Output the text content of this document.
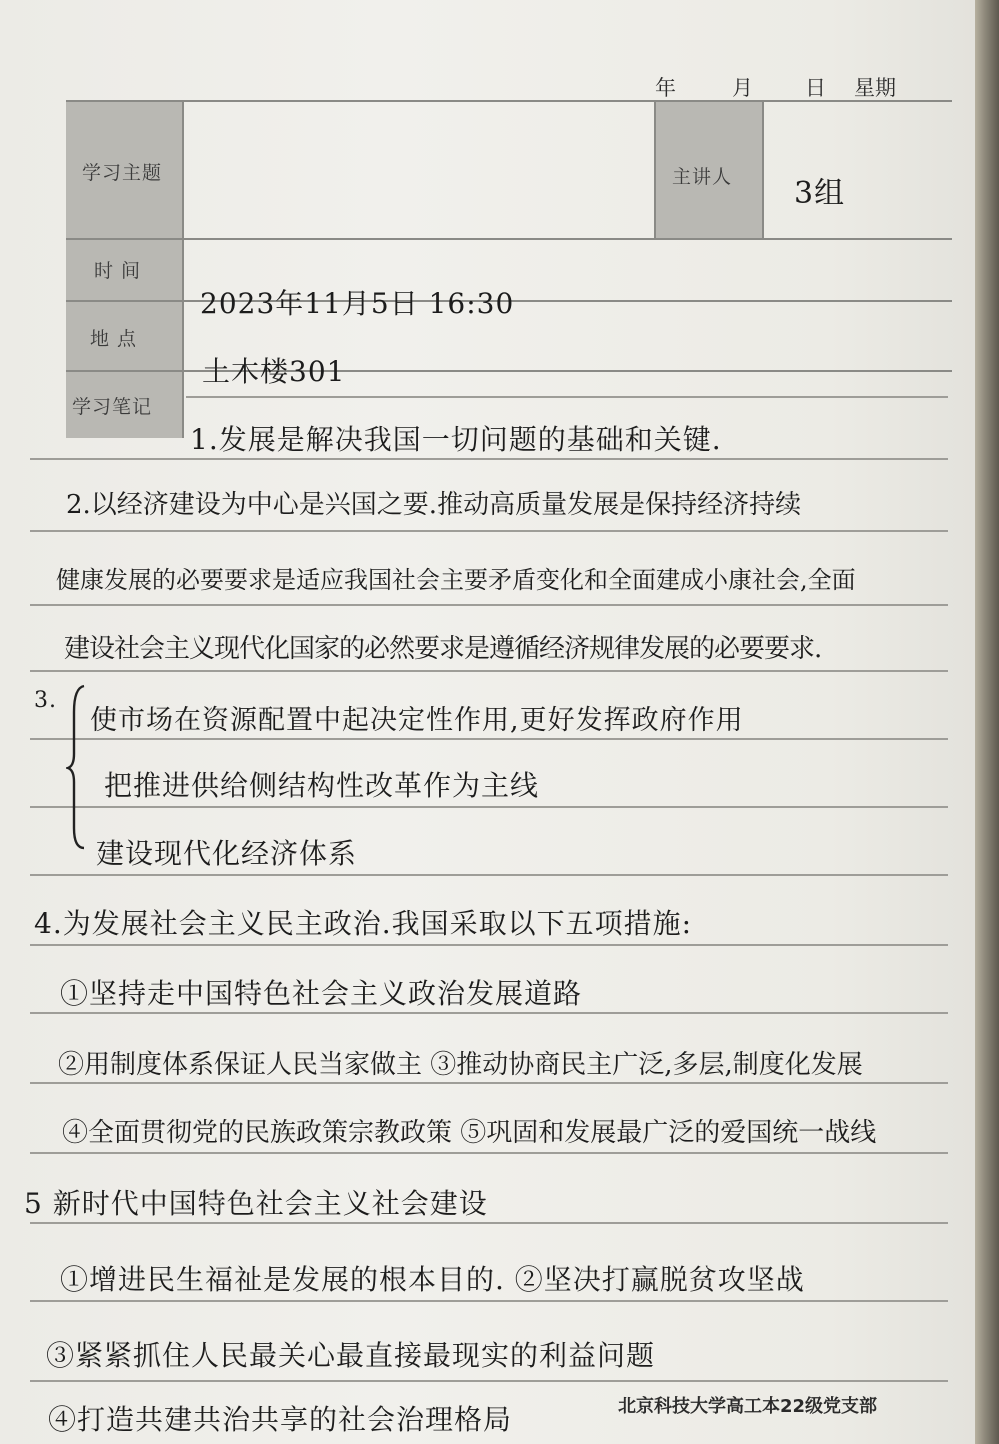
年	月 日 星期
学习主题	主讲人 3组
时 间
2023年11月5日 16:30
地 点
土木楼301
学习笔记
1.发展是解决我国一切问题的基础和关键.
2.以经济建设为中心是兴国之要.推动高质量发展是保持经济持续
健康发展的必要要求是适应我国社会主要矛盾变化和全面建成小康社会,全面
建设社会主义现代化国家的必然要求是遵循经济规律发展的必要要求.
3.
使市场在资源配置中起决定性作用,更好发挥政府作用
把推进供给侧结构性改革作为主线
建设现代化经济体系
4.为发展社会主义民主政治.我国采取以下五项措施:
①坚持走中国特色社会主义政治发展道路
②用制度体系保证人民当家做主 ③推动协商民主广泛,多层,制度化发展
④全面贯彻党的民族政策宗教政策 ⑤巩固和发展最广泛的爱国统一战线
5 新时代中国特色社会主义社会建设
①增进民生福祉是发展的根本目的. ②坚决打赢脱贫攻坚战
③紧紧抓住人民最关心最直接最现实的利益问题
④打造共建共治共享的社会治理格局	北京科技大学高工本22级党支部
